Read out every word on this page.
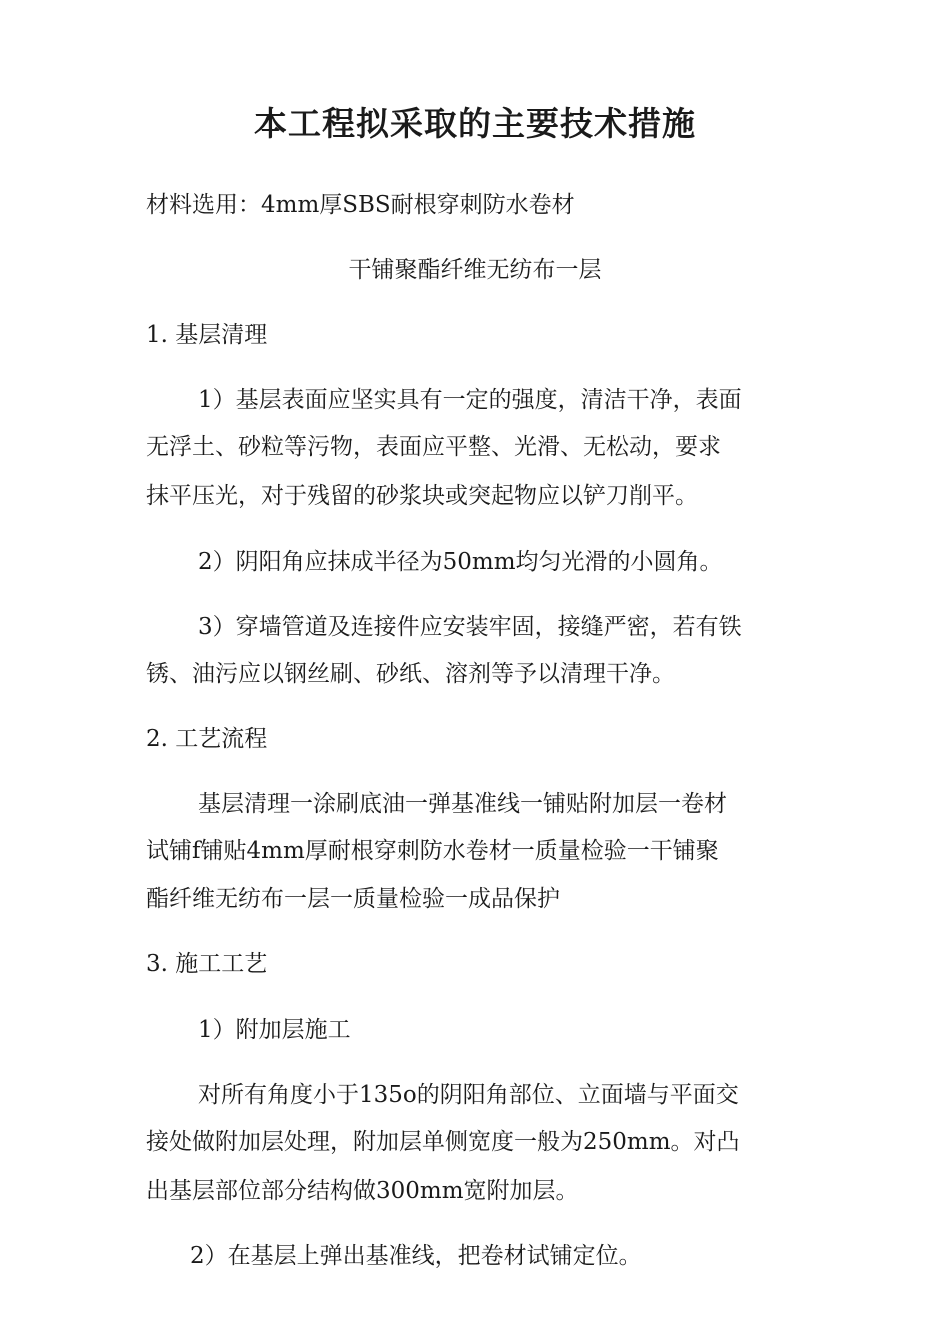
本工程拟采取的主要技术措施

材料选用：4mm厚SBS耐根穿刺防水卷材

干铺聚酯纤维无纺布一层

1. 基层清理

1）基层表面应坚实具有一定的强度，清洁干净，表面

无浮土、砂粒等污物，表面应平整、光滑、无松动，要求

抹平压光，对于残留的砂浆块或突起物应以铲刀削平。

2）阴阳角应抹成半径为50mm均匀光滑的小圆角。

3）穿墙管道及连接件应安装牢固，接缝严密，若有铁

锈、油污应以钢丝刷、砂纸、溶剂等予以清理干净。

2. 工艺流程

基层清理一涂刷底油一弹基准线一铺贴附加层一卷材

试铺f铺贴4mm厚耐根穿刺防水卷材一质量检验一干铺聚

酯纤维无纺布一层一质量检验一成品保护

3. 施工工艺

1）附加层施工

对所有角度小于135o的阴阳角部位、立面墙与平面交

接处做附加层处理，附加层单侧宽度一般为250mm。对凸

出基层部位部分结构做300mm宽附加层。

2）在基层上弹出基准线，把卷材试铺定位。
